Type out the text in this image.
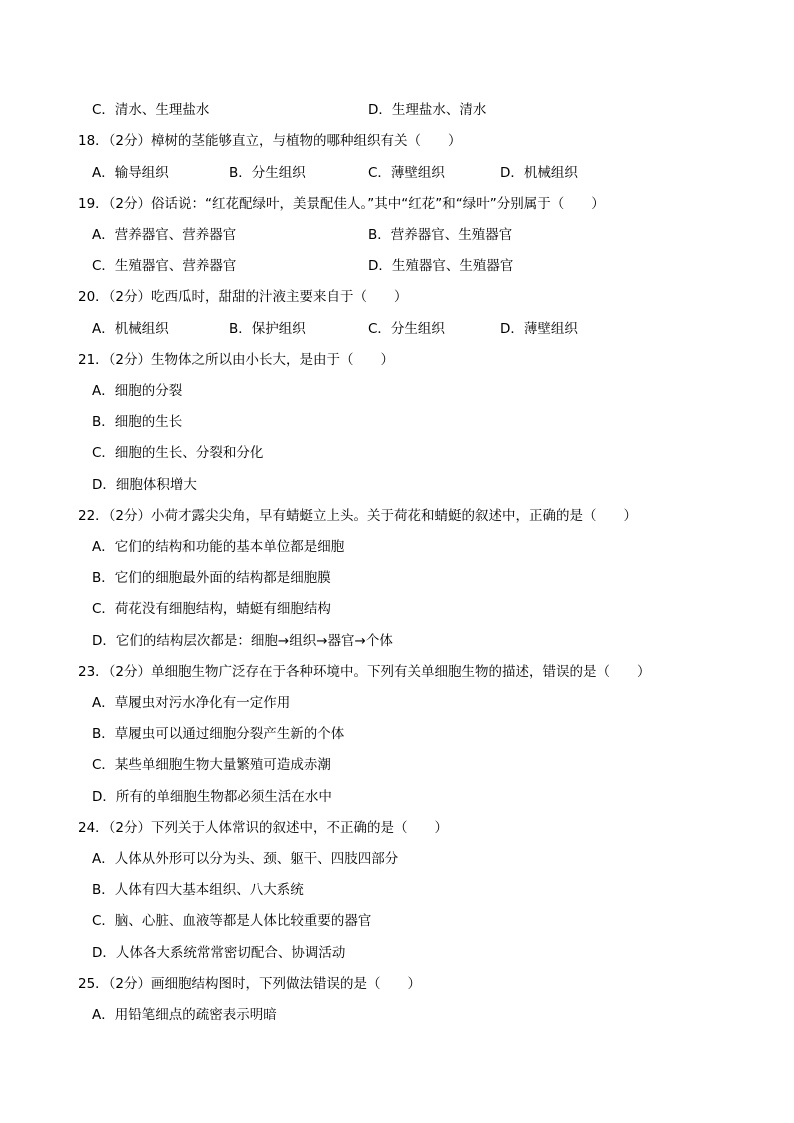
C．清水、生理盐水	D．生理盐水、清水
18．（2分）樟树的茎能够直立，与植物的哪种组织有关（　　）
A．输导组织	B．分生组织	C．薄壁组织	D．机械组织
19．（2分）俗话说：“红花配绿叶，美景配佳人。”其中“红花”和“绿叶”分别属于（　　）
A．营养器官、营养器官	B．营养器官、生殖器官
C．生殖器官、营养器官	D．生殖器官、生殖器官
20．（2分）吃西瓜时，甜甜的汁液主要来自于（　　）
A．机械组织	B．保护组织	C．分生组织	D．薄壁组织
21．（2分）生物体之所以由小长大，是由于（　　）
A．细胞的分裂
B．细胞的生长
C．细胞的生长、分裂和分化
D．细胞体积增大
22．（2分）小荷才露尖尖角，早有蜻蜓立上头。关于荷花和蜻蜓的叙述中，正确的是（　　）
A．它们的结构和功能的基本单位都是细胞
B．它们的细胞最外面的结构都是细胞膜
C．荷花没有细胞结构，蜻蜓有细胞结构
D．它们的结构层次都是：细胞→组织→器官→个体
23．（2分）单细胞生物广泛存在于各种环境中。下列有关单细胞生物的描述，错误的是（　　）
A．草履虫对污水净化有一定作用
B．草履虫可以通过细胞分裂产生新的个体
C．某些单细胞生物大量繁殖可造成赤潮
D．所有的单细胞生物都必须生活在水中
24．（2分）下列关于人体常识的叙述中，不正确的是（　　）
A．人体从外形可以分为头、颈、躯干、四肢四部分
B．人体有四大基本组织、八大系统
C．脑、心脏、血液等都是人体比较重要的器官
D．人体各大系统常常密切配合、协调活动
25．（2分）画细胞结构图时，下列做法错误的是（　　）
A．用铅笔细点的疏密表示明暗
